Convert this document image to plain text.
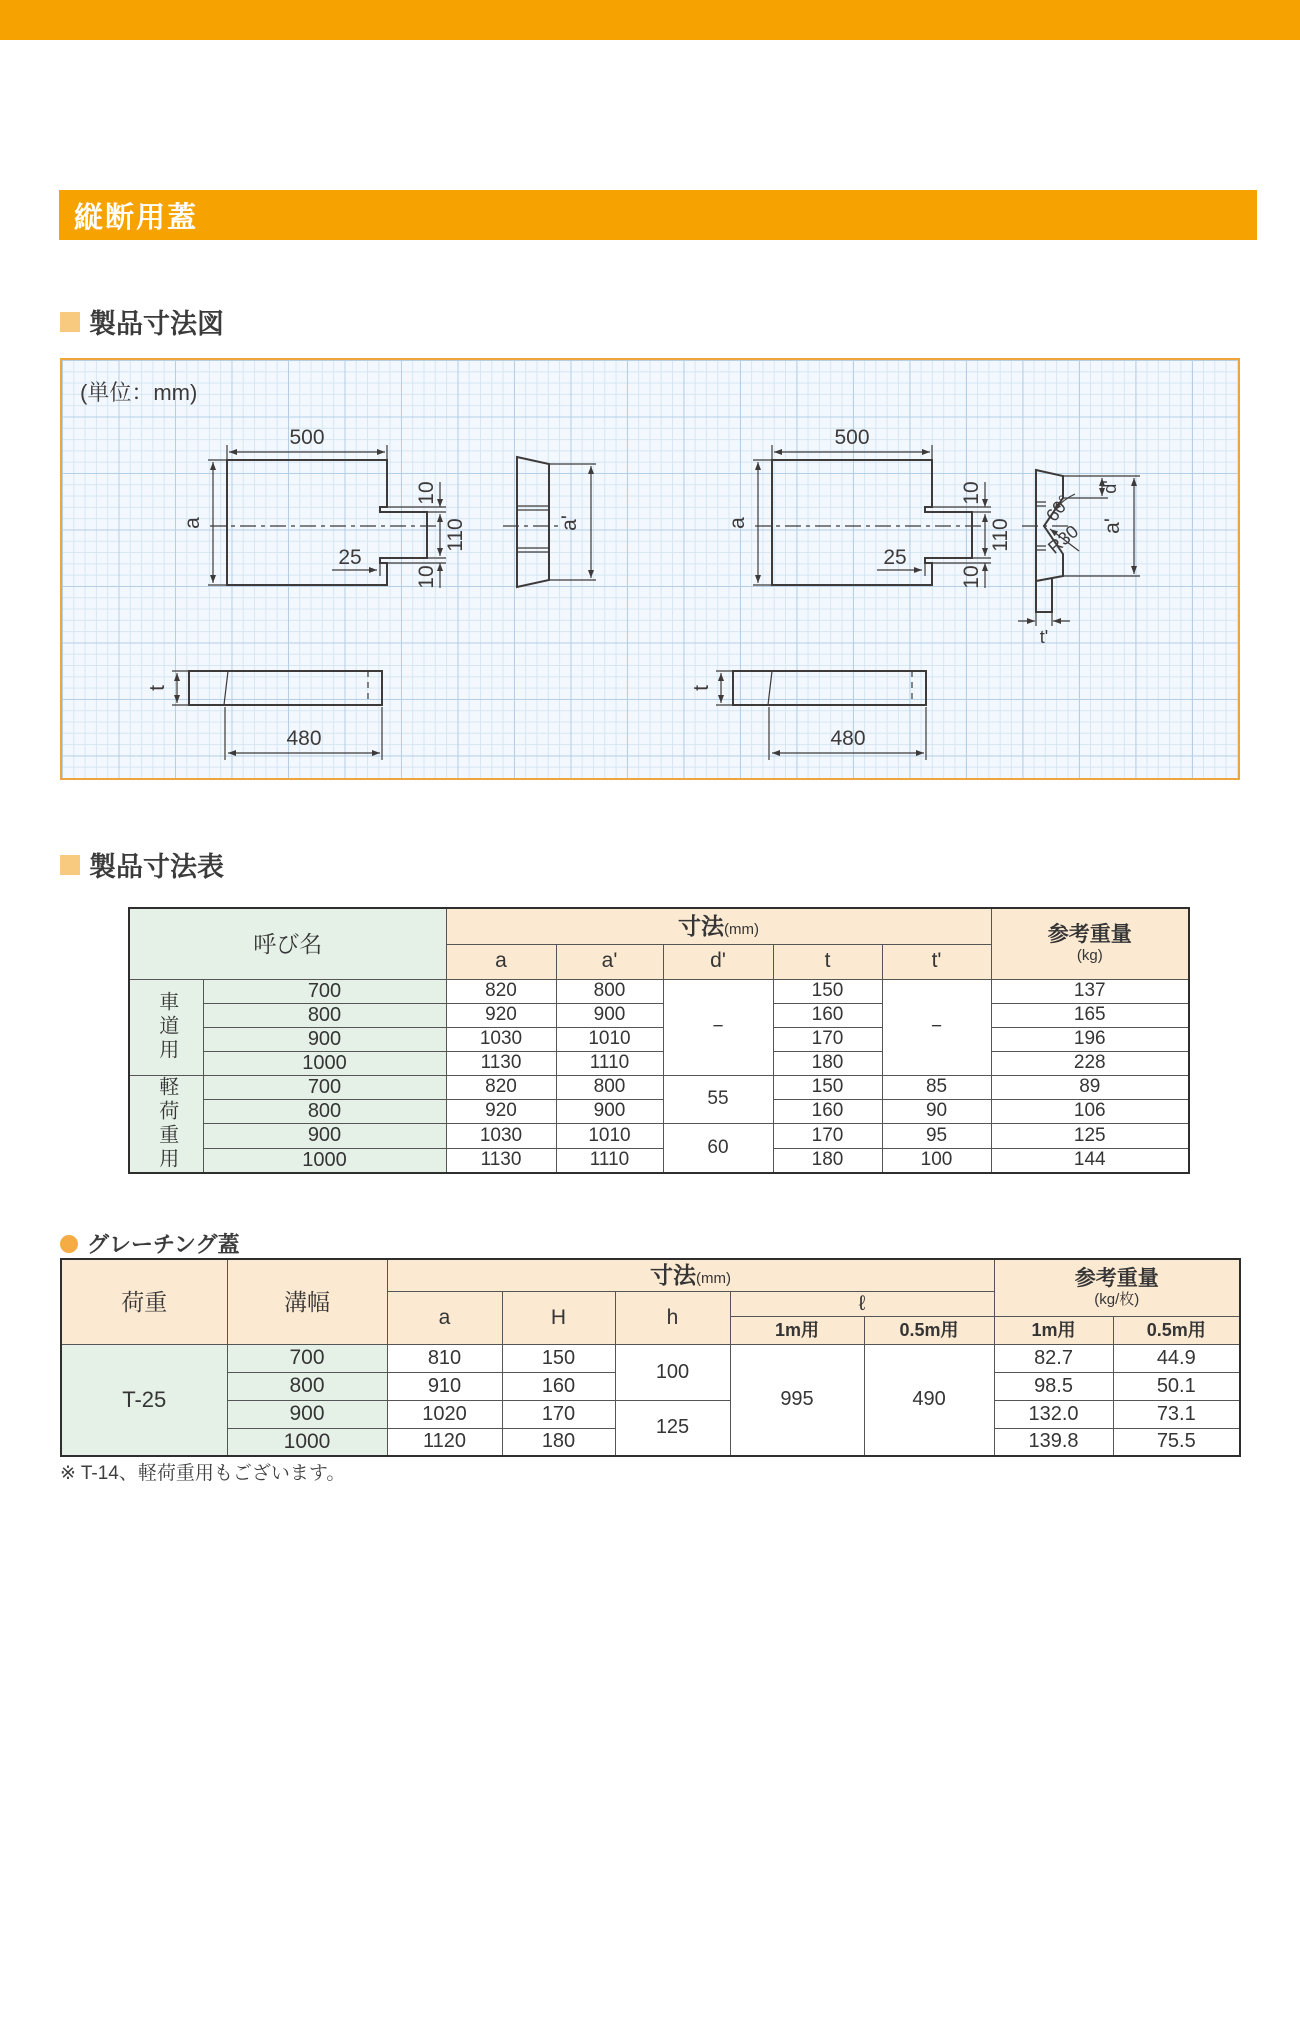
縦断用蓋
製品寸法図
(単位：mm)
500
a
10
110
10
25
a'
t
480
500
a
10
110
10
25
d'
a'
60°
R30
t'
t
480
製品寸法表
呼び名		寸法(mm)					参考重量
(kg)

		a	a'	d'	t	t'	
車道用	700	820	800	−	150	−	137
	800	920	900		160		165
	900	1030	1010		170		196
	1000	1130	1110		180		228
軽荷重用	700	820	800	55	150	85	89
	800	920	900		160	90	106
	900	1030	1010	60	170	95	125
	1000	1130	1110		180	100	144
グレーチング蓋
荷重	溝幅	寸法(mm)					参考重量
(kg/枚)	

		a	H	h	ℓ			
					1m用	0.5m用	1m用	0.5m用
T-25	700	810	150	100	995	490	82.7	44.9
	800	910	160				98.5	50.1
	900	1020	170	125			132.0	73.1
	1000	1120	180				139.8	75.5
※ T-14、軽荷重用もございます。
